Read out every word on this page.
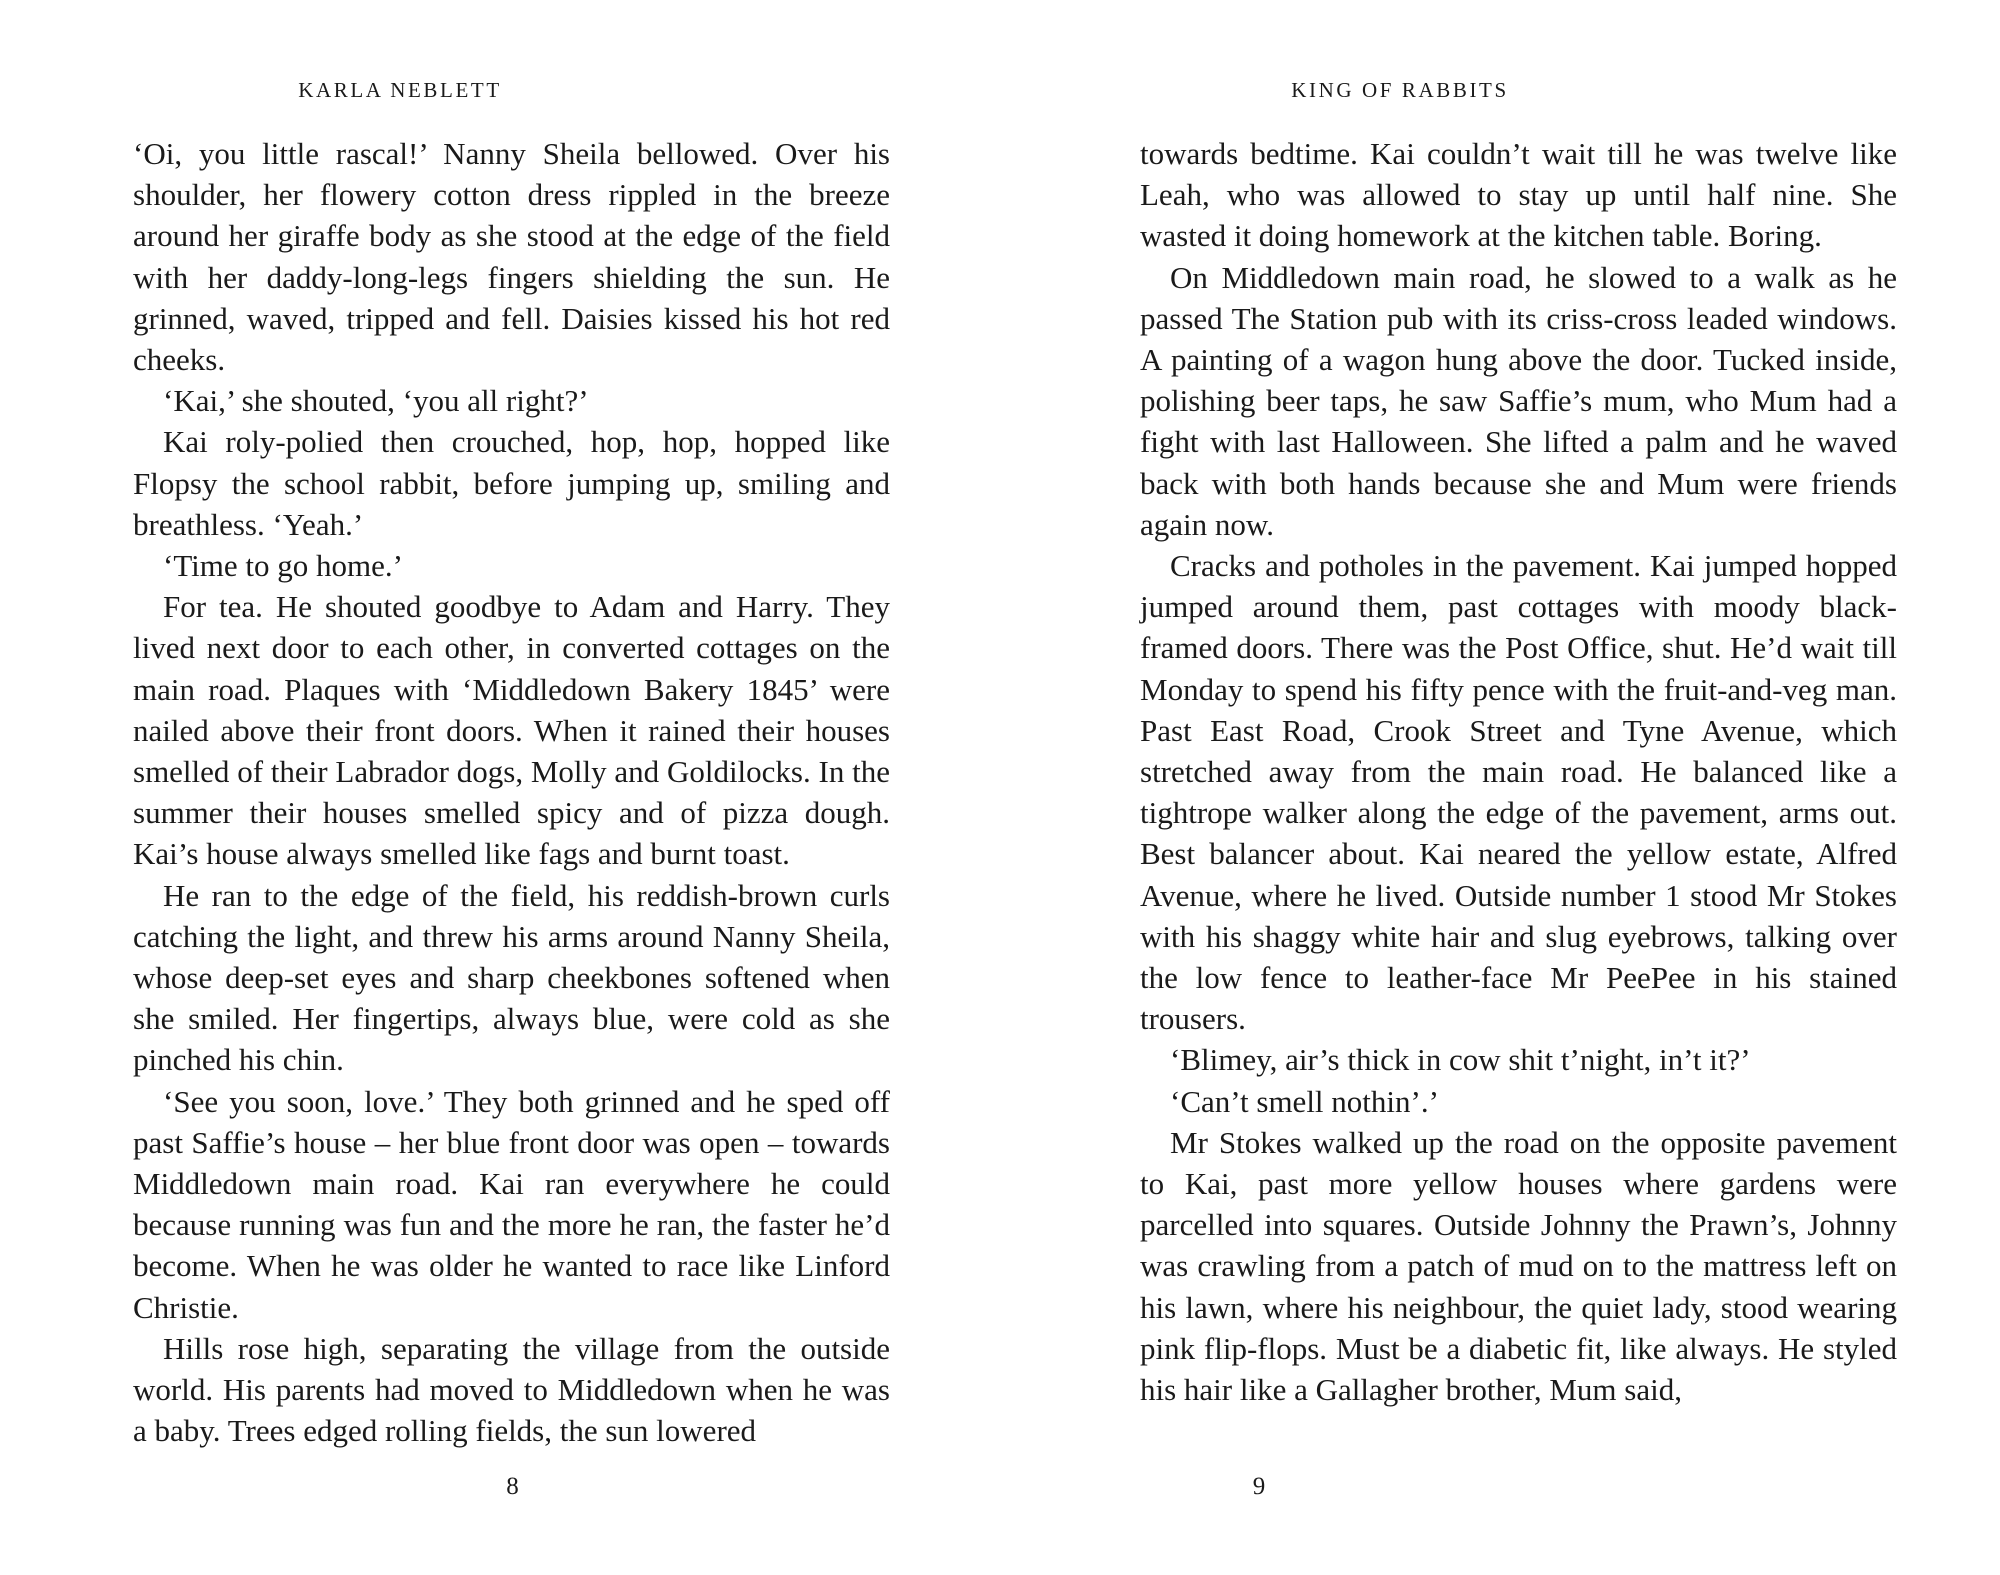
KARLA NEBLETT

‘Oi, you little rascal!’ Nanny Sheila bellowed. Over his shoulder, her flowery cotton dress rippled in the breeze around her giraffe body as she stood at the edge of the field with her daddy-long-legs fingers shielding the sun. He grinned, waved, tripped and fell. Daisies kissed his hot red cheeks.

‘Kai,’ she shouted, ‘you all right?’

Kai roly-polied then crouched, hop, hop, hopped like Flopsy the school rabbit, before jumping up, smiling and breathless. ‘Yeah.’

‘Time to go home.’

For tea. He shouted goodbye to Adam and Harry. They lived next door to each other, in converted cottages on the main road. Plaques with ‘Middledown Bakery 1845’ were nailed above their front doors. When it rained their houses smelled of their Labrador dogs, Molly and Goldilocks. In the summer their houses smelled spicy and of pizza dough. Kai’s house always smelled like fags and burnt toast.

He ran to the edge of the field, his reddish-brown curls catching the light, and threw his arms around Nanny Sheila, whose deep-set eyes and sharp cheekbones softened when she smiled. Her fingertips, always blue, were cold as she pinched his chin.

‘See you soon, love.’ They both grinned and he sped off past Saffie’s house – her blue front door was open – towards Middledown main road. Kai ran everywhere he could because running was fun and the more he ran, the faster he’d become. When he was older he wanted to race like Linford Christie.

Hills rose high, separating the village from the outside world. His parents had moved to Middledown when he was a baby. Trees edged rolling fields, the sun lowered

8
KING OF RABBITS

towards bedtime. Kai couldn’t wait till he was twelve like Leah, who was allowed to stay up until half nine. She wasted it doing homework at the kitchen table. Boring.

On Middledown main road, he slowed to a walk as he passed The Station pub with its criss-cross leaded windows. A painting of a wagon hung above the door. Tucked inside, polishing beer taps, he saw Saffie’s mum, who Mum had a fight with last Halloween. She lifted a palm and he waved back with both hands because she and Mum were friends again now.

Cracks and potholes in the pavement. Kai jumped hopped jumped around them, past cottages with moody black-framed doors. There was the Post Office, shut. He’d wait till Monday to spend his fifty pence with the fruit-and-veg man. Past East Road, Crook Street and Tyne Avenue, which stretched away from the main road. He balanced like a tightrope walker along the edge of the pavement, arms out. Best balancer about. Kai neared the yellow estate, Alfred Avenue, where he lived. Outside number 1 stood Mr Stokes with his shaggy white hair and slug eyebrows, talking over the low fence to leather-face Mr PeePee in his stained trousers.

‘Blimey, air’s thick in cow shit t’night, in’t it?’

‘Can’t smell nothin’.’

Mr Stokes walked up the road on the opposite pavement to Kai, past more yellow houses where gardens were parcelled into squares. Outside Johnny the Prawn’s, Johnny was crawling from a patch of mud on to the mattress left on his lawn, where his neighbour, the quiet lady, stood wearing pink flip-flops. Must be a diabetic fit, like always. He styled his hair like a Gallagher brother, Mum said,

9
